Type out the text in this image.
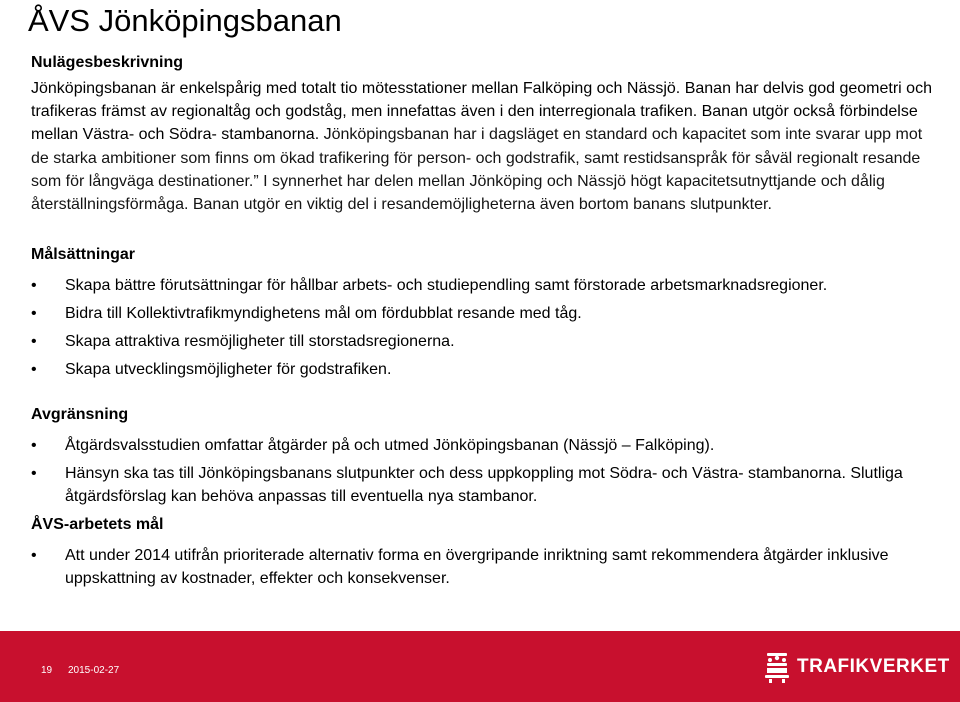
ÅVS Jönköpingsbanan
Nulägesbeskrivning

Jönköpingsbanan är enkelspårig med totalt tio mötesstationer mellan Falköping och Nässjö. Banan har delvis god geometri och trafikeras främst av regionaltåg och godståg, men innefattas även i den interregionala trafiken. Banan utgör också förbindelse mellan Västra- och Södra- stambanorna. Jönköpingsbanan har i dagsläget en standard och kapacitet som inte svarar upp mot de starka ambitioner som finns om ökad trafikering för person- och godstrafik, samt restidsanspråk för såväl regionalt resande som för långväga destinationer.” I synnerhet har delen mellan Jönköping och Nässjö högt kapacitetsutnyttjande och dålig återställningsförmåga. Banan utgör en viktig del i resandemöjligheterna även bortom banans slutpunkter.

Målsättningar
• Skapa bättre förutsättningar för hållbar arbets- och studiependling samt förstorade arbetsmarknadsregioner.
• Bidra till Kollektivtrafikmyndighetens mål om fördubblat resande med tåg.
• Skapa attraktiva resmöjligheter till storstadsregionerna.
• Skapa utvecklingsmöjligheter för godstrafiken.
Avgränsning
• Åtgärdsvalsstudien omfattar åtgärder på och utmed Jönköpingsbanan (Nässjö – Falköping).
• Hänsyn ska tas till Jönköpingsbanans slutpunkter och dess uppkoppling mot Södra- och Västra- stambanorna. Slutliga åtgärdsförslag kan behöva anpassas till eventuella nya stambanor.
ÅVS-arbetets mål
• Att under 2014 utifrån prioriterade alternativ forma en övergripande inriktning samt rekommendera åtgärder inklusive uppskattning av kostnader, effekter och konsekvenser.
19 2015-02-27	TRAFIKVERKET
